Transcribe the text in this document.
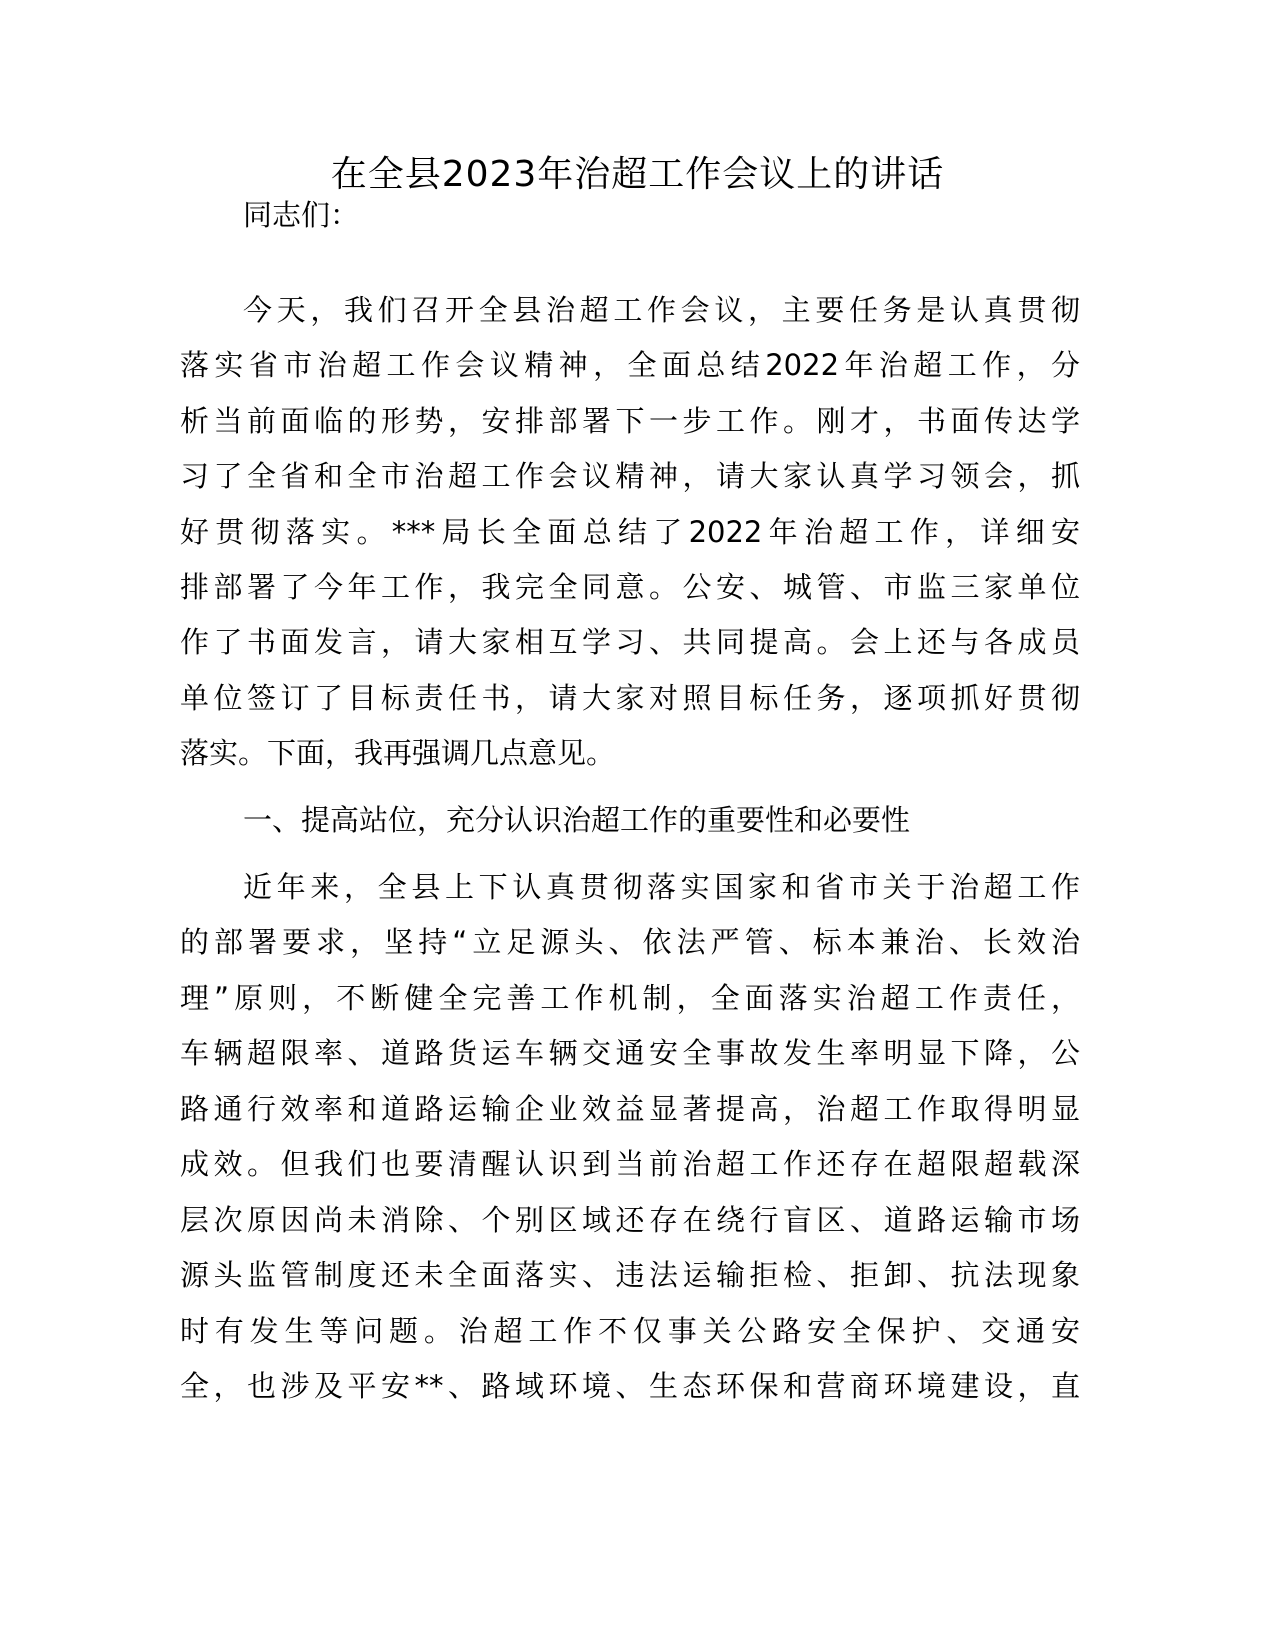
在全县2023年治超工作会议上的讲话
同志们：
今天，我们召开全县治超工作会议，主要任务是认真贯彻
落实省市治超工作会议精神，全面总结2022年治超工作，分
析当前面临的形势，安排部署下一步工作。刚才，书面传达学
习了全省和全市治超工作会议精神，请大家认真学习领会，抓
好贯彻落实。***局长全面总结了2022年治超工作，详细安
排部署了今年工作，我完全同意。公安、城管、市监三家单位
作了书面发言，请大家相互学习、共同提高。会上还与各成员
单位签订了目标责任书，请大家对照目标任务，逐项抓好贯彻
落实。下面，我再强调几点意见。
一、提高站位，充分认识治超工作的重要性和必要性
近年来，全县上下认真贯彻落实国家和省市关于治超工作
的部署要求，坚持“立足源头、依法严管、标本兼治、长效治
理”原则，不断健全完善工作机制，全面落实治超工作责任，
车辆超限率、道路货运车辆交通安全事故发生率明显下降，公
路通行效率和道路运输企业效益显著提高，治超工作取得明显
成效。但我们也要清醒认识到当前治超工作还存在超限超载深
层次原因尚未消除、个别区域还存在绕行盲区、道路运输市场
源头监管制度还未全面落实、违法运输拒检、拒卸、抗法现象
时有发生等问题。治超工作不仅事关公路安全保护、交通安
全，也涉及平安**、路域环境、生态环保和营商环境建设，直
